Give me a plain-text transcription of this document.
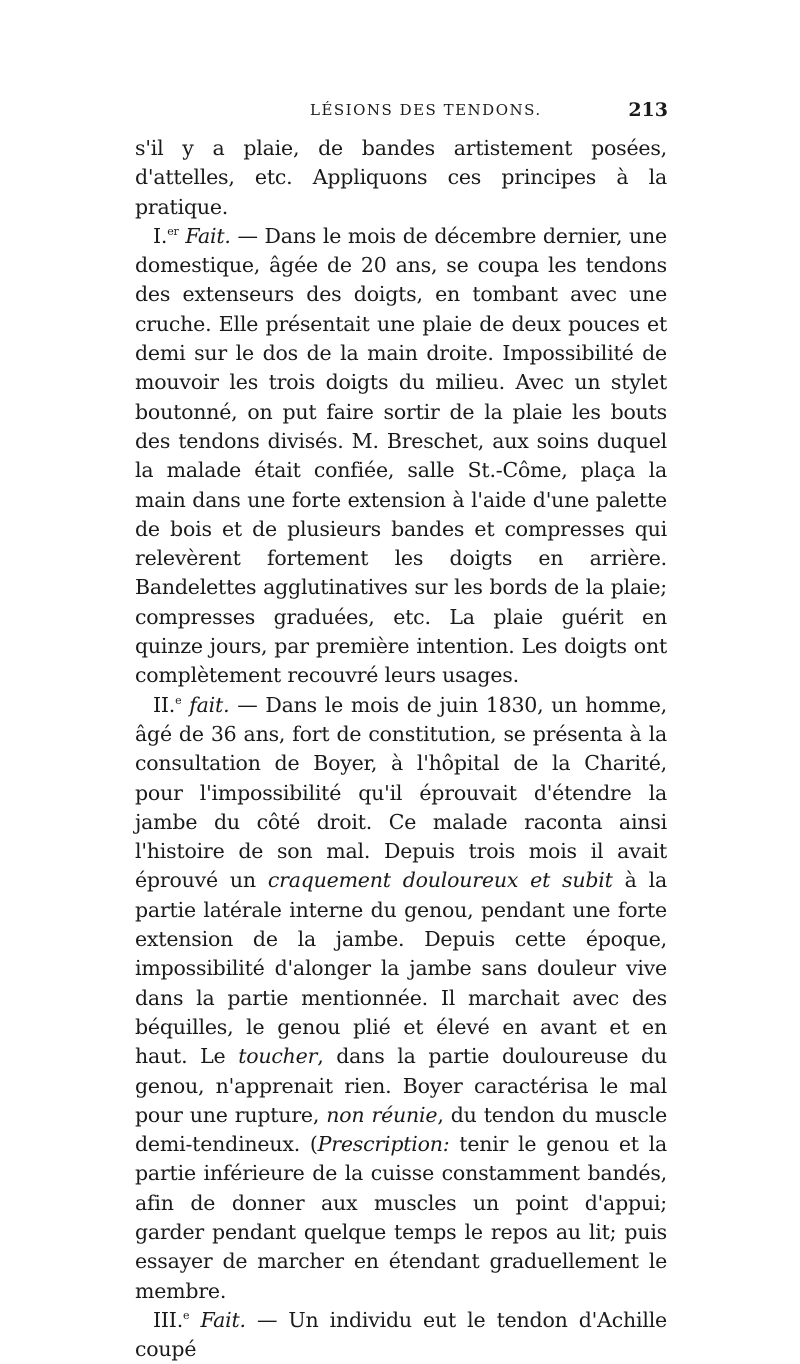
LÉSIONS DES TENDONS.	213

s'il y a plaie, de bandes artistement posées, d'attelles, etc. Appliquons ces principes à la pratique.

I.$^{er}$ Fait. — Dans le mois de décembre dernier, une domestique, âgée de 20 ans, se coupa les tendons des extenseurs des doigts, en tombant avec une cruche. Elle présentait une plaie de deux pouces et demi sur le dos de la main droite. Impossibilité de mouvoir les trois doigts du milieu. Avec un stylet boutonné, on put faire sortir de la plaie les bouts des tendons divisés. M. Breschet, aux soins duquel la malade était confiée, salle St.-Côme, plaça la main dans une forte extension à l'aide d'une palette de bois et de plusieurs bandes et compresses qui relevèrent fortement les doigts en arrière. Bandelettes agglutinatives sur les bords de la plaie; compresses graduées, etc. La plaie guérit en quinze jours, par première intention. Les doigts ont complètement recouvré leurs usages.

II.$^e$ fait. — Dans le mois de juin 1830, un homme, âgé de 36 ans, fort de constitution, se présenta à la consultation de Boyer, à l'hôpital de la Charité, pour l'impossibilité qu'il éprouvait d'étendre la jambe du côté droit. Ce malade raconta ainsi l'histoire de son mal. Depuis trois mois il avait éprouvé un craquement douloureux et subit à la partie latérale interne du genou, pendant une forte extension de la jambe. Depuis cette époque, impossibilité d'alonger la jambe sans douleur vive dans la partie mentionnée. Il marchait avec des béquilles, le genou plié et élevé en avant et en haut. Le toucher, dans la partie douloureuse du genou, n'apprenait rien. Boyer caractérisa le mal pour une rupture, non réunie, du tendon du muscle demi-tendineux. (Prescription: tenir le genou et la partie inférieure de la cuisse constamment bandés, afin de donner aux muscles un point d'appui; garder pendant quelque temps le repos au lit; puis essayer de marcher en étendant graduellement le membre.

III.$^e$ Fait. — Un individu eut le tendon d'Achille coupé
